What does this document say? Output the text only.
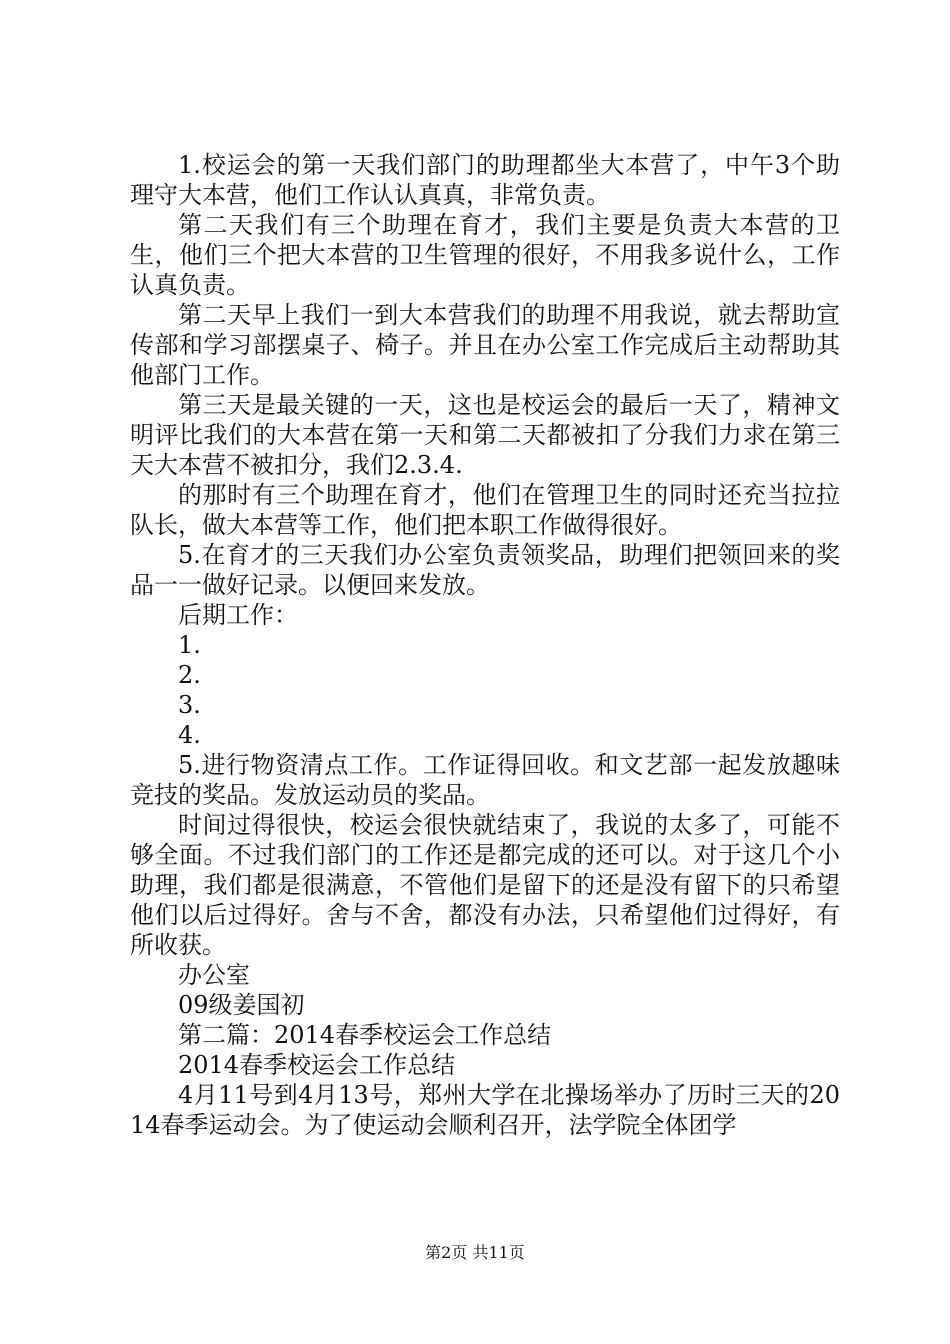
1.校运会的第一天我们部门的助理都坐大本营了，中午3个助理守大本营，他们工作认认真真，非常负责。

第二天我们有三个助理在育才，我们主要是负责大本营的卫生，他们三个把大本营的卫生管理的很好，不用我多说什么，工作认真负责。

第二天早上我们一到大本营我们的助理不用我说，就去帮助宣传部和学习部摆桌子、椅子。并且在办公室工作完成后主动帮助其他部门工作。

第三天是最关键的一天，这也是校运会的最后一天了，精神文明评比我们的大本营在第一天和第二天都被扣了分我们力求在第三天大本营不被扣分，我们2.3.4.

的那时有三个助理在育才，他们在管理卫生的同时还充当拉拉队长，做大本营等工作，他们把本职工作做得很好。

5.在育才的三天我们办公室负责领奖品，助理们把领回来的奖品一一做好记录。以便回来发放。

后期工作：

1.

2.

3.

4.

5.进行物资清点工作。工作证得回收。和文艺部一起发放趣味竞技的奖品。发放运动员的奖品。

时间过得很快，校运会很快就结束了，我说的太多了，可能不够全面。不过我们部门的工作还是都完成的还可以。对于这几个小助理，我们都是很满意，不管他们是留下的还是没有留下的只希望他们以后过得好。舍与不舍，都没有办法，只希望他们过得好，有所收获。

办公室

09级姜国初

第二篇：2014春季校运会工作总结

2014春季校运会工作总结

4月11号到4月13号，郑州大学在北操场举办了历时三天的2014春季运动会。为了使运动会顺利召开，法学院全体团学

第2页 共11页
